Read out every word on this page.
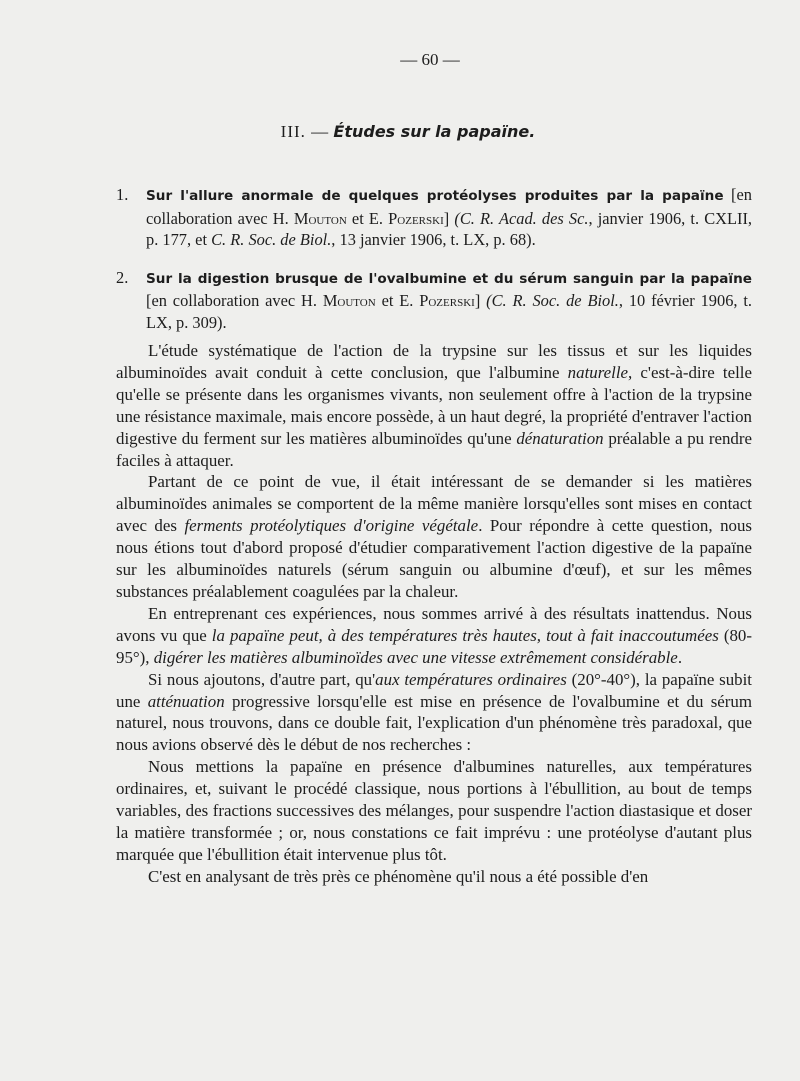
— 60 —
III. — Études sur la papaïne.
1. Sur l'allure anormale de quelques protéolyses produites par la papaïne [en collaboration avec H. Mouton et E. Pozerski] (C. R. Acad. des Sc., janvier 1906, t. CXLII, p. 177, et C. R. Soc. de Biol., 13 janvier 1906, t. LX, p. 68).
2. Sur la digestion brusque de l'ovalbumine et du sérum sanguin par la papaïne [en collaboration avec H. Mouton et E. Pozerski] (C. R. Soc. de Biol., 10 février 1906, t. LX, p. 309).

L'étude systématique de l'action de la trypsine sur les tissus et sur les liquides albuminoïdes avait conduit à cette conclusion, que l'albumine naturelle, c'est-à-dire telle qu'elle se présente dans les organismes vivants, non seulement offre à l'action de la trypsine une résistance maximale, mais encore possède, à un haut degré, la propriété d'entraver l'action digestive du ferment sur les matières albuminoïdes qu'une dénaturation préalable a pu rendre faciles à attaquer.

Partant de ce point de vue, il était intéressant de se demander si les matières albuminoïdes animales se comportent de la même manière lorsqu'elles sont mises en contact avec des ferments protéolytiques d'origine végétale. Pour répondre à cette question, nous nous étions tout d'abord proposé d'étudier comparativement l'action digestive de la papaïne sur les albuminoïdes naturels (sérum sanguin ou albumine d'œuf), et sur les mêmes substances préalablement coagulées par la chaleur.

En entreprenant ces expériences, nous sommes arrivé à des résultats inattendus. Nous avons vu que la papaïne peut, à des températures très hautes, tout à fait inaccoutumées (80-95°), digérer les matières albuminoïdes avec une vitesse extrêmement considérable.

Si nous ajoutons, d'autre part, qu'aux températures ordinaires (20°-40°), la papaïne subit une atténuation progressive lorsqu'elle est mise en présence de l'ovalbumine et du sérum naturel, nous trouvons, dans ce double fait, l'explication d'un phénomène très paradoxal, que nous avions observé dès le début de nos recherches :

Nous mettions la papaïne en présence d'albumines naturelles, aux températures ordinaires, et, suivant le procédé classique, nous portions à l'ébullition, au bout de temps variables, des fractions successives des mélanges, pour suspendre l'action diastasique et doser la matière transformée ; or, nous constations ce fait imprévu : une protéolyse d'autant plus marquée que l'ébullition était intervenue plus tôt.

C'est en analysant de très près ce phénomène qu'il nous a été possible d'en
